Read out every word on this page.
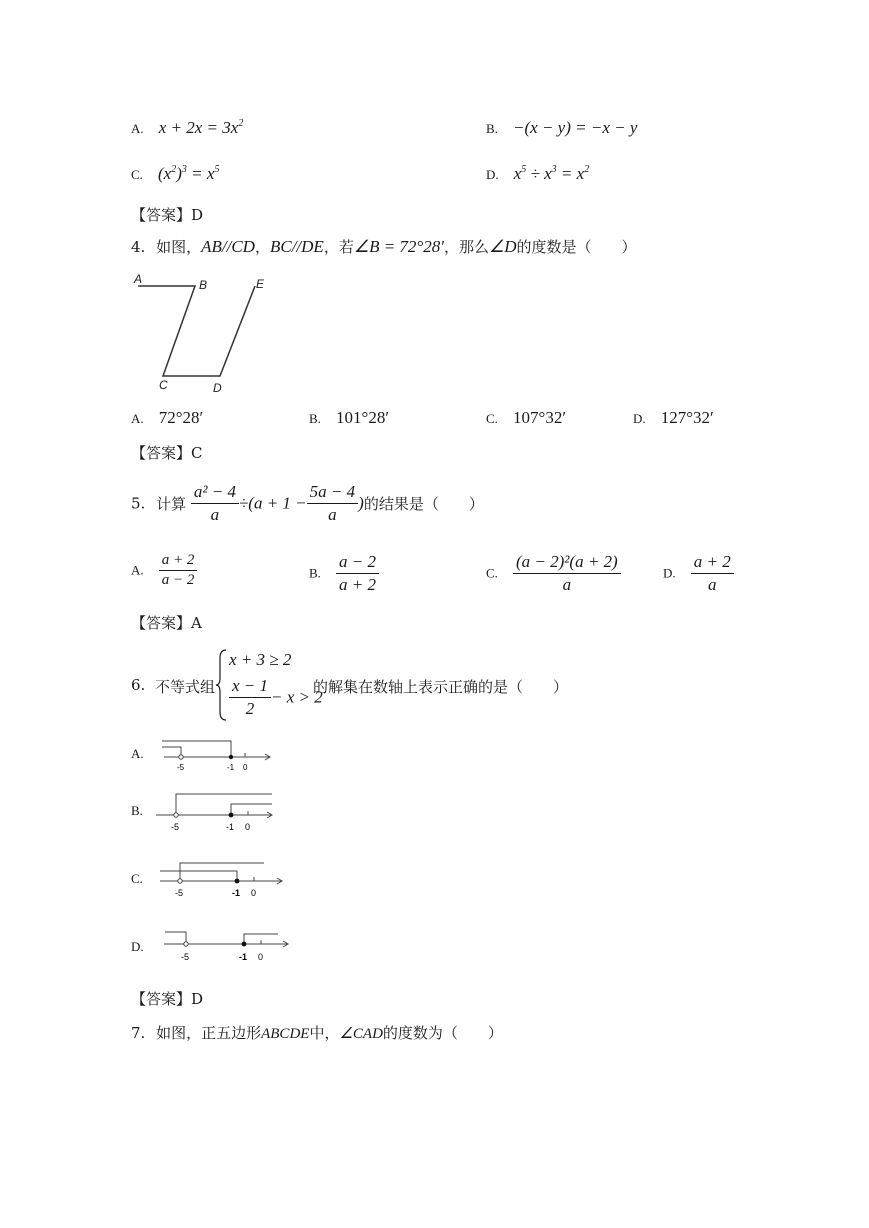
A. $x + 2x = 3x^2$	B. −(x − y) = −x − y
C. $(x^2)^3 = x^5$	D. $x^5 \div x^3 = x^2$
【答案】D
4. 如图，AB//CD，BC//DE，若∠B = 72°28′，那么∠D的度数是（　　）
A	B
C	D
E
A. 72°28′	B. 101°28′	C. 107°32′	D. 127°32′
【答案】C
5. 计算 $\frac{\text{a² − 4}}{a} \div(a + 1 - \frac{5a - 4}{a}$ )的结果是（　　）
A. $\frac{a + 2}{a - 2}$	B. $\frac{a - 2}{a + 2}$	C. $\frac{\text{(a − 2)²(a + 2)}}{a}$	D. $\frac{a + 2}{a}$
【答案】A
6. 不等式组
x + 3 ≥ 2
$\frac{x - 1}{2} - x > 2$
的解集在数轴上表示正确的是（　　）
A.
-5	-1 0
B.
-5	-1 0
C.
-5	-1 0
D.
-5	-1 0
【答案】D
7. 如图，正五边形ABCDE中，∠CAD的度数为（　　）
